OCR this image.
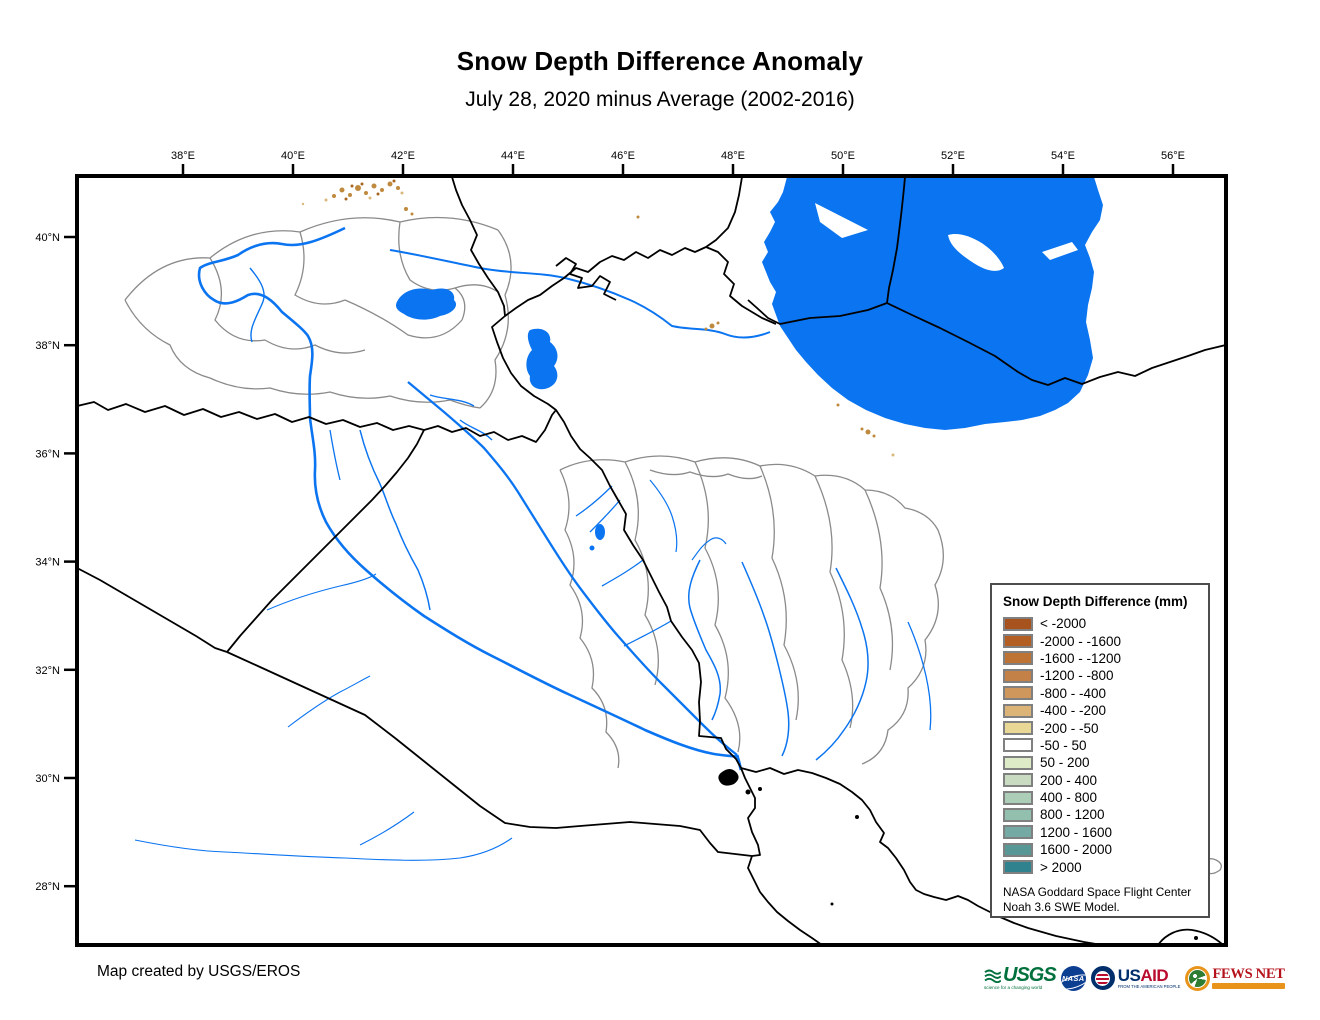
Snow Depth Difference Anomaly
July 28, 2020 minus Average (2002-2016)
38°E	40°E	42°E	44°E	46°E	48°E	50°E	52°E	54°E	56°E
40°N
38°N
36°N
34°N
32°N
30°N
28°N
Snow Depth Difference (mm)
< -2000
-2000 - -1600
-1600 - -1200
-1200 - -800
-800 - -400
-400 - -200
-200 - -50
-50 - 50
50 - 200
200 - 400
400 - 800
800 - 1200
1200 - 1600
1600 - 2000
> 2000
NASA Goddard Space Flight Center
Noah 3.6 SWE Model.
Map created by USGS/EROS	USGS
science for a changing world
NASA USAID
FROM THE AMERICAN PEOPLE
FEWS NET
